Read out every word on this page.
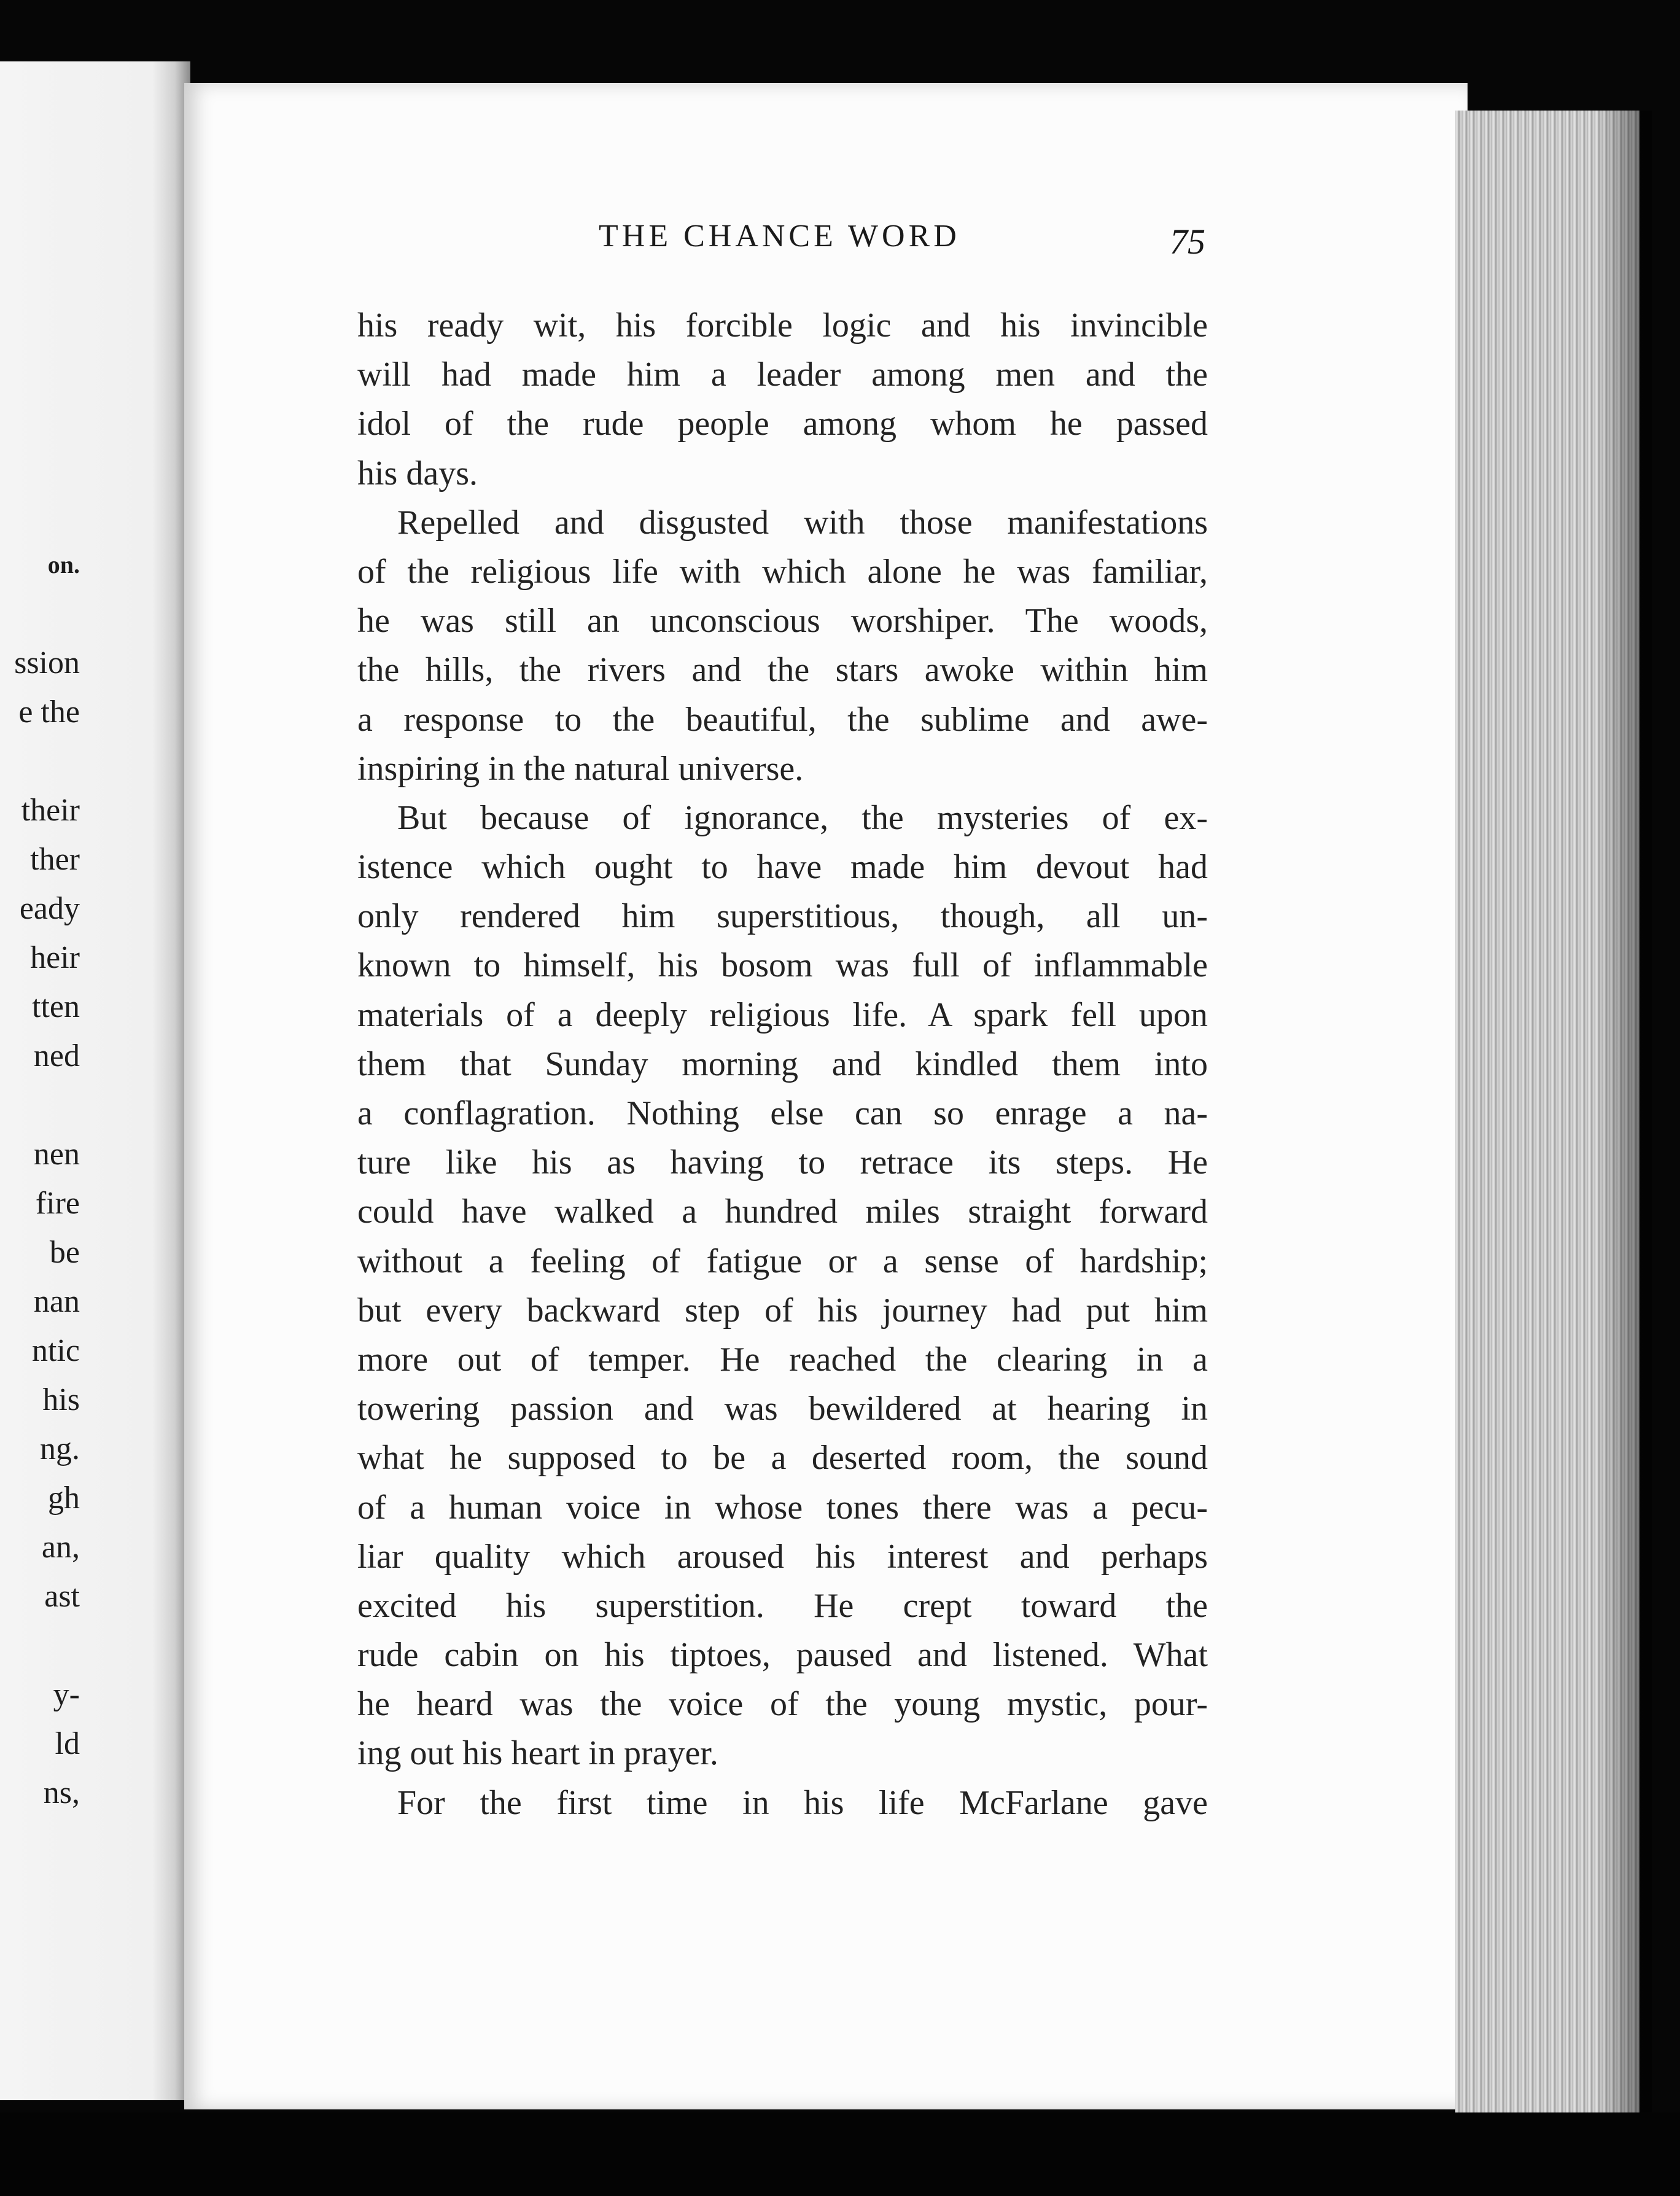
on.
ssion
e the
their
ther
eady
heir
tten
ned
nen
fire
be
nan
ntic
his
ng.
gh
an,
ast
y-
ld
ns,
THE CHANCE WORD	75
his ready wit, his forcible logic and his invincible
will had made him a leader among men and the
idol of the rude people among whom he passed
his days.
Repelled and disgusted with those manifestations
of the religious life with which alone he was familiar,
he was still an unconscious worshiper. The woods,
the hills, the rivers and the stars awoke within him
a response to the beautiful, the sublime and awe-
inspiring in the natural universe.
But because of ignorance, the mysteries of ex-
istence which ought to have made him devout had
only rendered him superstitious, though, all un-
known to himself, his bosom was full of inflammable
materials of a deeply religious life. A spark fell upon
them that Sunday morning and kindled them into
a conflagration. Nothing else can so enrage a na-
ture like his as having to retrace its steps. He
could have walked a hundred miles straight forward
without a feeling of fatigue or a sense of hardship;
but every backward step of his journey had put him
more out of temper. He reached the clearing in a
towering passion and was bewildered at hearing in
what he supposed to be a deserted room, the sound
of a human voice in whose tones there was a pecu-
liar quality which aroused his interest and perhaps
excited his superstition. He crept toward the
rude cabin on his tiptoes, paused and listened. What
he heard was the voice of the young mystic, pour-
ing out his heart in prayer.
For the first time in his life McFarlane gave
